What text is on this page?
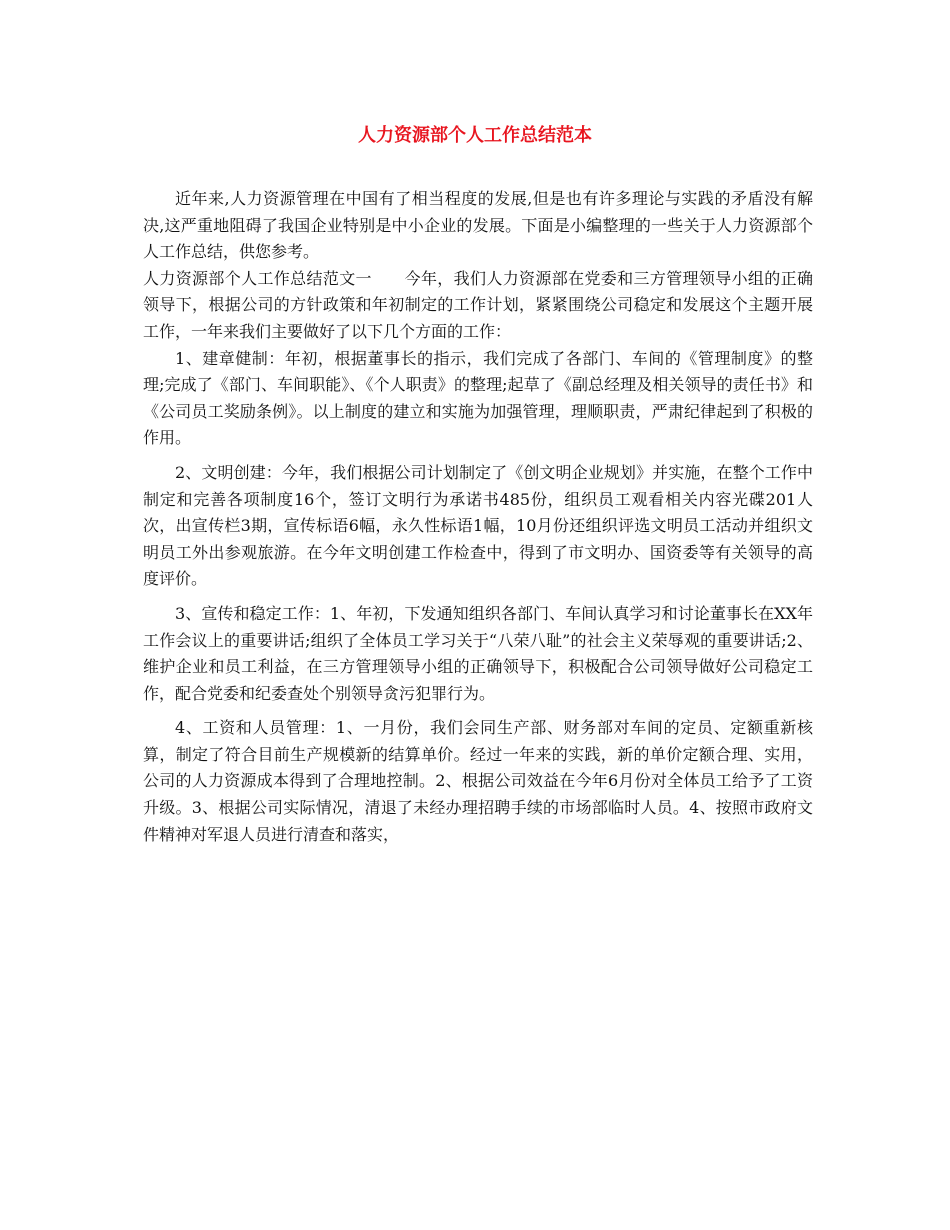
人力资源部个人工作总结范本

近年来,人力资源管理在中国有了相当程度的发展,但是也有许多理论与实践的矛盾没有解决,这严重地阻碍了我国企业特别是中小企业的发展。下面是小编整理的一些关于人力资源部个人工作总结，供您参考。

人力资源部个人工作总结范文一　　今年，我们人力资源部在党委和三方管理领导小组的正确领导下，根据公司的方针政策和年初制定的工作计划，紧紧围绕公司稳定和发展这个主题开展工作，一年来我们主要做好了以下几个方面的工作：

1、建章健制：年初，根据董事长的指示，我们完成了各部门、车间的《管理制度》的整理;完成了《部门、车间职能》、《个人职责》的整理;起草了《副总经理及相关领导的责任书》和《公司员工奖励条例》。以上制度的建立和实施为加强管理，理顺职责，严肃纪律起到了积极的作用。

2、文明创建：今年，我们根据公司计划制定了《创文明企业规划》并实施，在整个工作中制定和完善各项制度16个，签订文明行为承诺书485份，组织员工观看相关内容光碟201人次，出宣传栏3期，宣传标语6幅，永久性标语1幅，10月份还组织评选文明员工活动并组织文明员工外出参观旅游。在今年文明创建工作检查中，得到了市文明办、国资委等有关领导的高度评价。

3、宣传和稳定工作：1、年初，下发通知组织各部门、车间认真学习和讨论董事长在XX年工作会议上的重要讲话;组织了全体员工学习关于“八荣八耻”的社会主义荣辱观的重要讲话;2、维护企业和员工利益，在三方管理领导小组的正确领导下，积极配合公司领导做好公司稳定工作，配合党委和纪委查处个别领导贪污犯罪行为。

4、工资和人员管理：1、一月份，我们会同生产部、财务部对车间的定员、定额重新核算，制定了符合目前生产规模新的结算单价。经过一年来的实践，新的单价定额合理、实用，公司的人力资源成本得到了合理地控制。2、根据公司效益在今年6月份对全体员工给予了工资升级。3、根据公司实际情况，清退了未经办理招聘手续的市场部临时人员。4、按照市政府文件精神对军退人员进行清查和落实，
